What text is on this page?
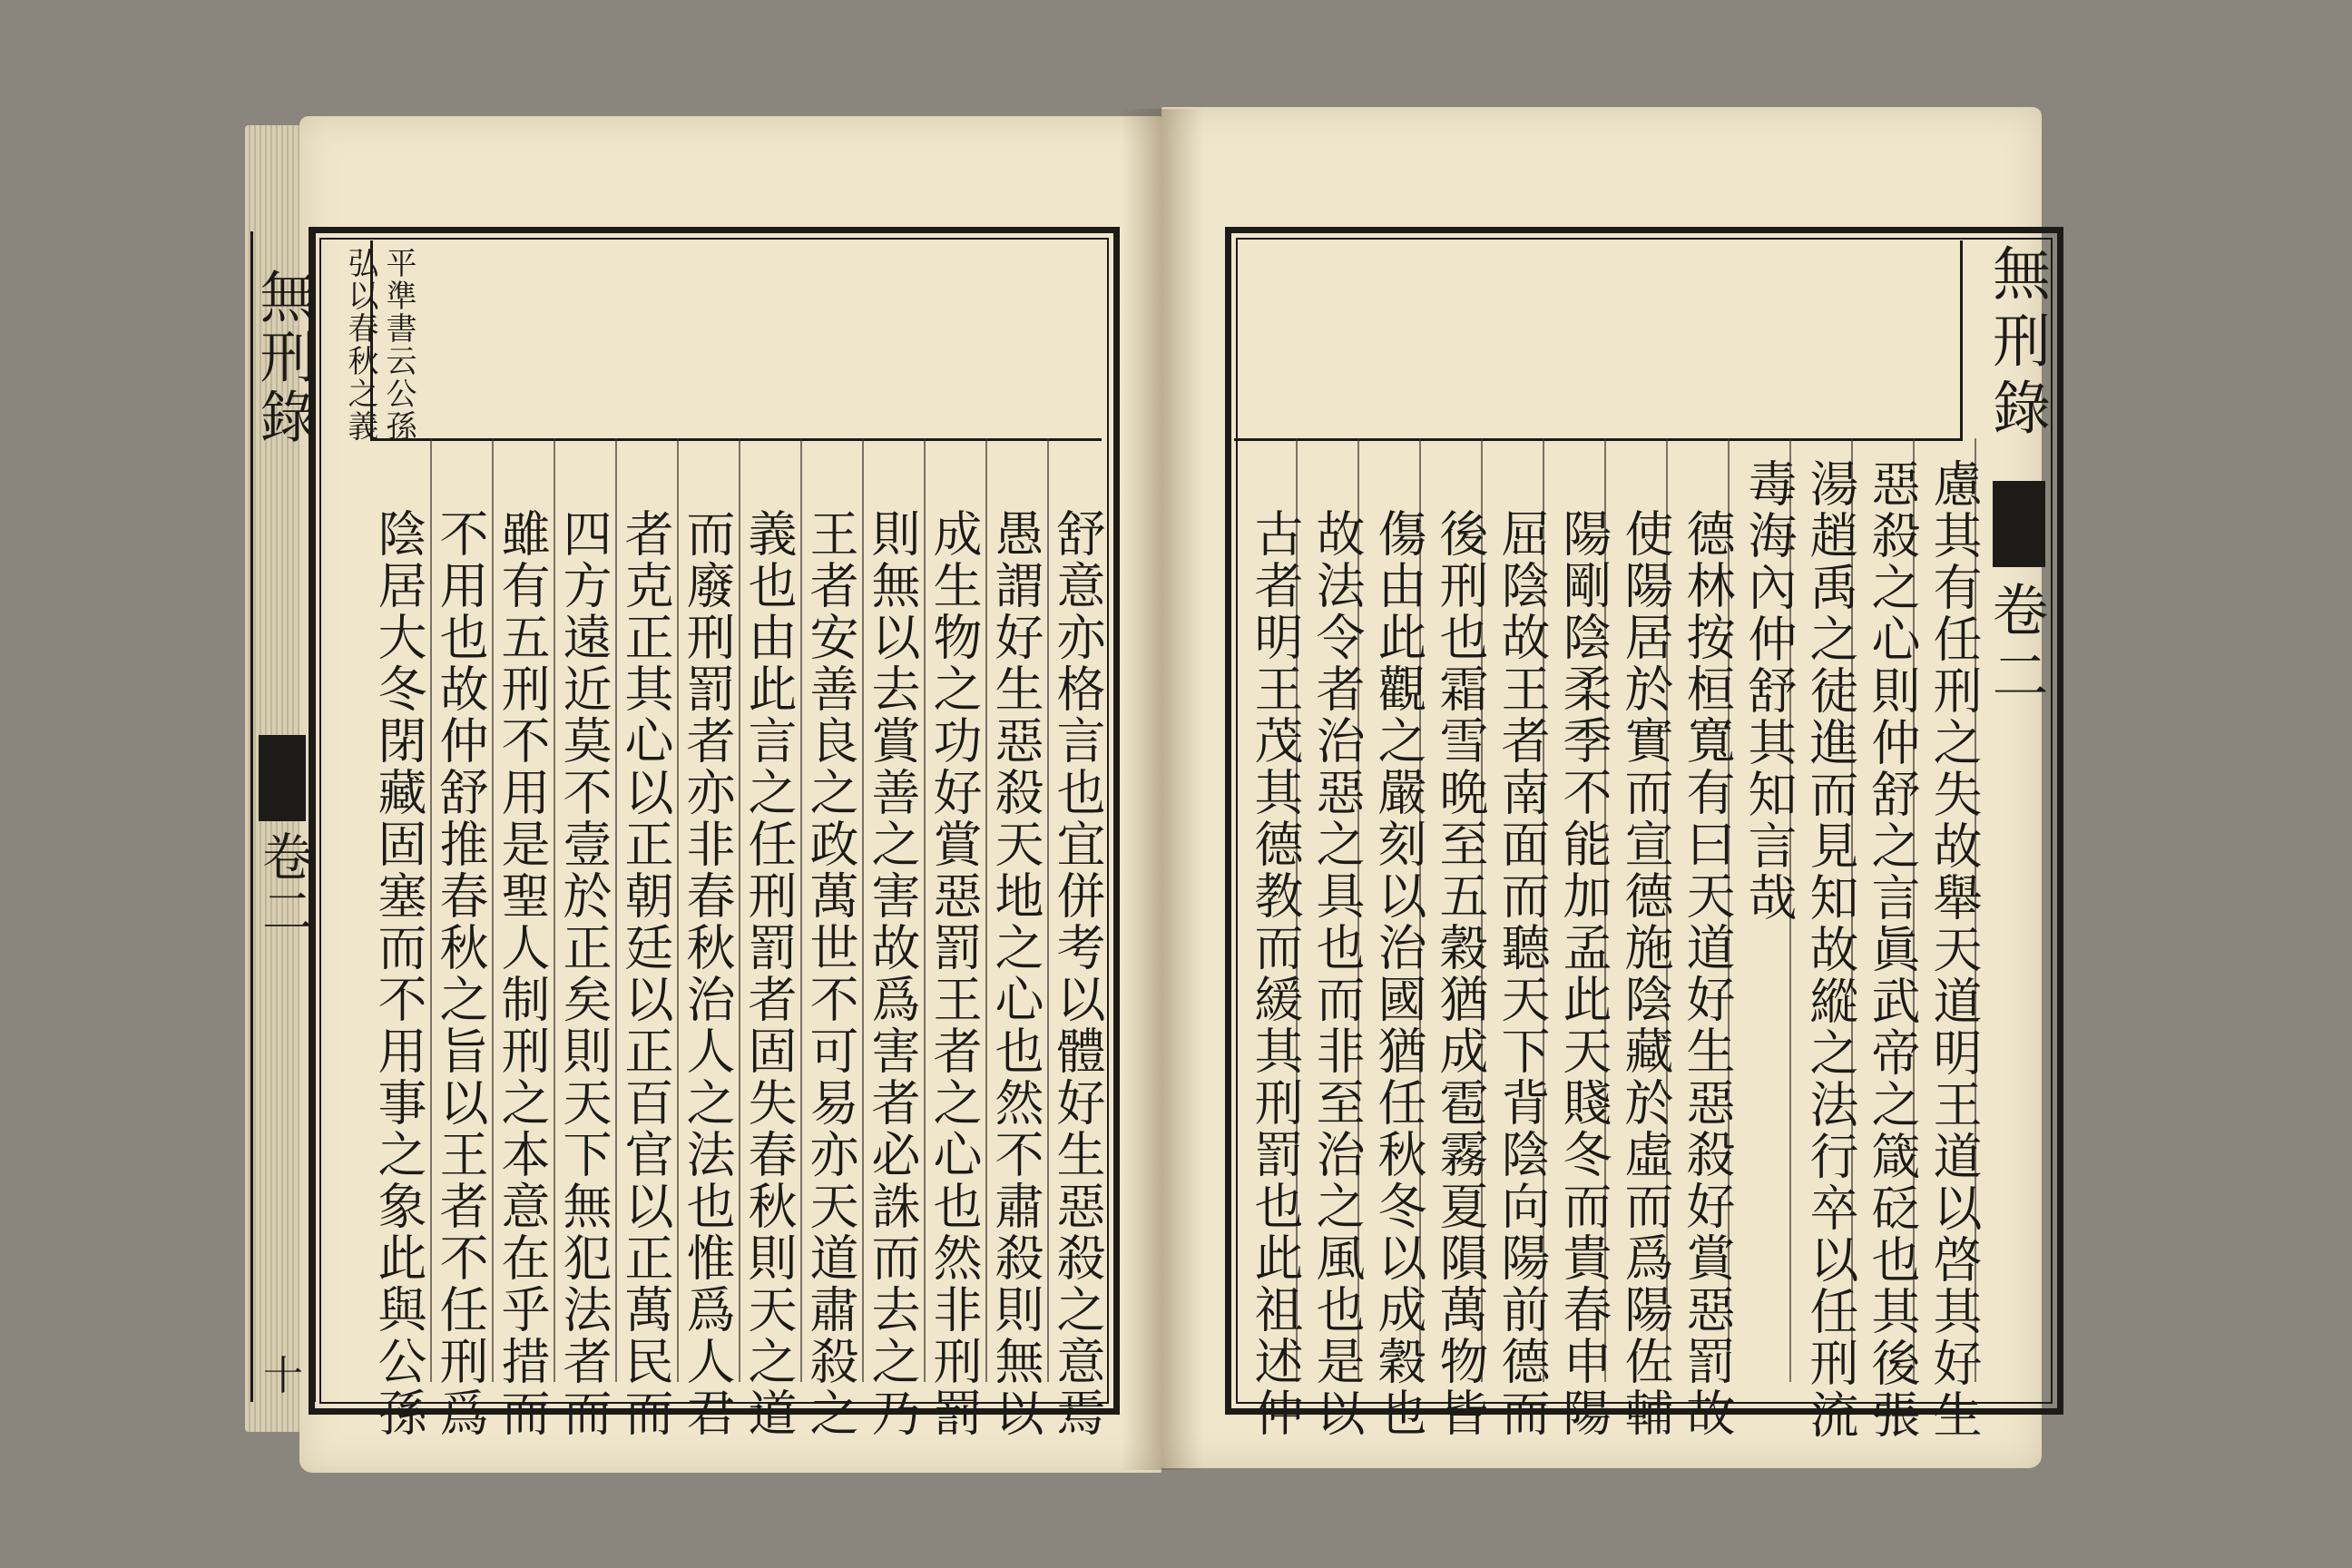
無刑錄
卷二
十
平準書云公孫
弘以春秋之義
舒意亦格言也宜併考以體好生惡殺之意焉
愚謂好生惡殺天地之心也然不肅殺則無以
成生物之功好賞惡罰王者之心也然非刑罰
則無以去賞善之害故爲害者必誅而去之乃
王者安善良之政萬世不可易亦天道肅殺之
義也由此言之任刑罰者固失春秋則天之道
而廢刑罰者亦非春秋治人之法也惟爲人君
者克正其心以正朝廷以正百官以正萬民而
四方遠近莫不壹於正矣則天下無犯法者而
雖有五刑不用是聖人制刑之本意在乎措而
不用也故仲舒推春秋之旨以王者不任刑爲
陰居大冬閉藏固塞而不用事之象此與公孫
無刑錄
卷二
慮其有任刑之失故舉天道明王道以啓其好生
惡殺之心則仲舒之言眞武帝之箴砭也其後張
湯趙禹之徒進而見知故縱之法行卒以任刑流
毒海內仲舒其知言哉
德林按桓寬有曰天道好生惡殺好賞惡罰故
使陽居於實而宣德施陰藏於虛而爲陽佐輔
陽剛陰柔季不能加孟此天賤冬而貴春申陽
屈陰故王者南面而聽天下背陰向陽前德而
後刑也霜雪晩至五穀猶成雹霧夏隕萬物皆
傷由此觀之嚴刻以治國猶任秋冬以成穀也
故法令者治惡之具也而非至治之風也是以
古者明王茂其德教而緩其刑罰也此祖述仲
